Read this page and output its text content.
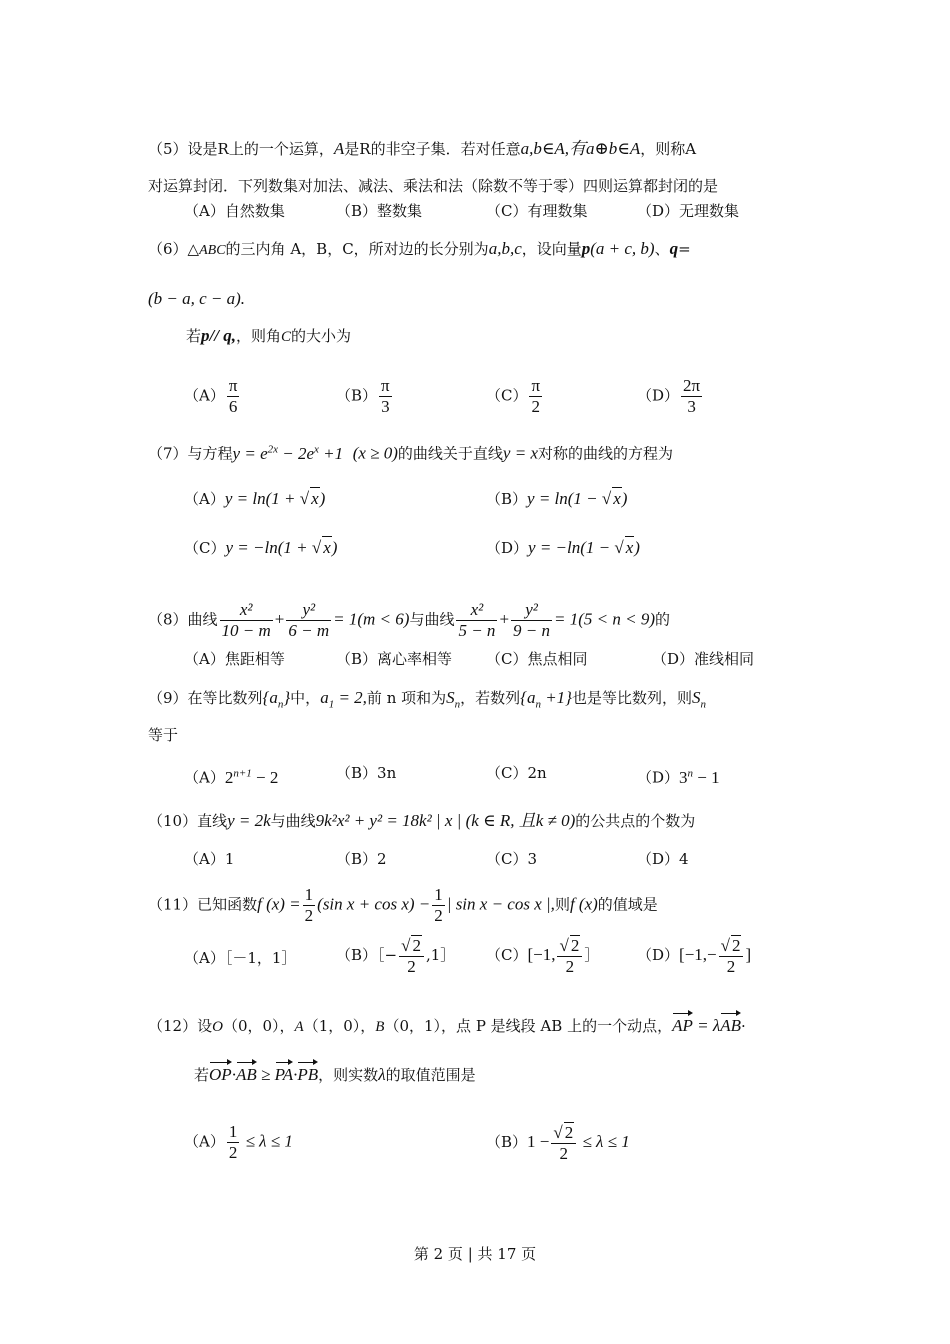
（5）设是R上的一个运算，A是R的非空子集．若对任意a,b∈A,有a⊕b∈A，则称A
对运算封闭．下列数集对加法、减法、乘法和法（除数不等于零）四则运算都封闭的是
（A）自然数集	（B）整数集	（C）有理数集	（D）无理数集
（6）△ABC的三内角 A，B，C，所对边的长分别为a,b,c，设向量p(a + c, b)、q=
(b − a, c − a).
若p// q,，则角C的大小为
$(A) \frac{\pi}{6}$	$(B) \frac{\pi}{3}$	$(C) \frac{\pi}{2}$	$(D) \frac{2\pi}{3}$
（7）与方程$y = e^{2x} - 2e^x +1$ (x ≥ 0)的曲线关于直线y = x对称的曲线的方程为
（A）y = ln(1 + √ x)	（B）y = ln(1 − √ x)
（C）y = −ln(1 + √ x)	（D）y = −ln(1 − √ x)
（8）曲线 $\frac{\text{x²}}{10 - m} + \frac{\text{y²}}{6 - m} = 1(m < 6)$与曲线 $\frac{\text{x²}}{5 - n} + \frac{\text{y²}}{9 - n} = 1(5 < n < 9)$的
（A）焦距相等	（B）离心率相等 （C）焦点相同	（D）准线相同
（9）在等比数列$\{a_n\}$中，$a_1 = 2$,前 n 项和为$S_n$，若数列$\{a_n +1\}$也是等比数列，则$S_n$
等于
$(A)2^{n+1} - 2$	（B）3n	（C）2n	$(D)3^n - 1$
（10）直线y = 2k与曲线9k²x² + y² = 18k² | x | (k ∈ R, 且k ≠ 0)的公共点的个数为
（A）1	（B）2	（C）3	（D）4
（11）已知函数f $(x) = \frac{1}{2} (\sin$ $x + \cos x) - \frac{1}{2}$ | sin x − cos x |,则f (x)的值域是
（A）［－1，1］	（B）［− $\frac{√ 2}{2}$ ,1］ （C）[−1, $\frac{√ 2}{2}$ ］	$(D)[-1,- \frac{√ 2}{2}$ ]
（12）设O（0，0），A（1，0），B（0，1），点 P 是线段 AB 上的一个动点，AP = λAB·
若OP·AB ≥ PA·PB，则实数λ的取值范围是
$(A) \frac{1}{2} \le \lambda \le 1$	$(B)1 - \frac{√ 2}{2} \le \lambda \le 1$
第 2 页 | 共 17 页
